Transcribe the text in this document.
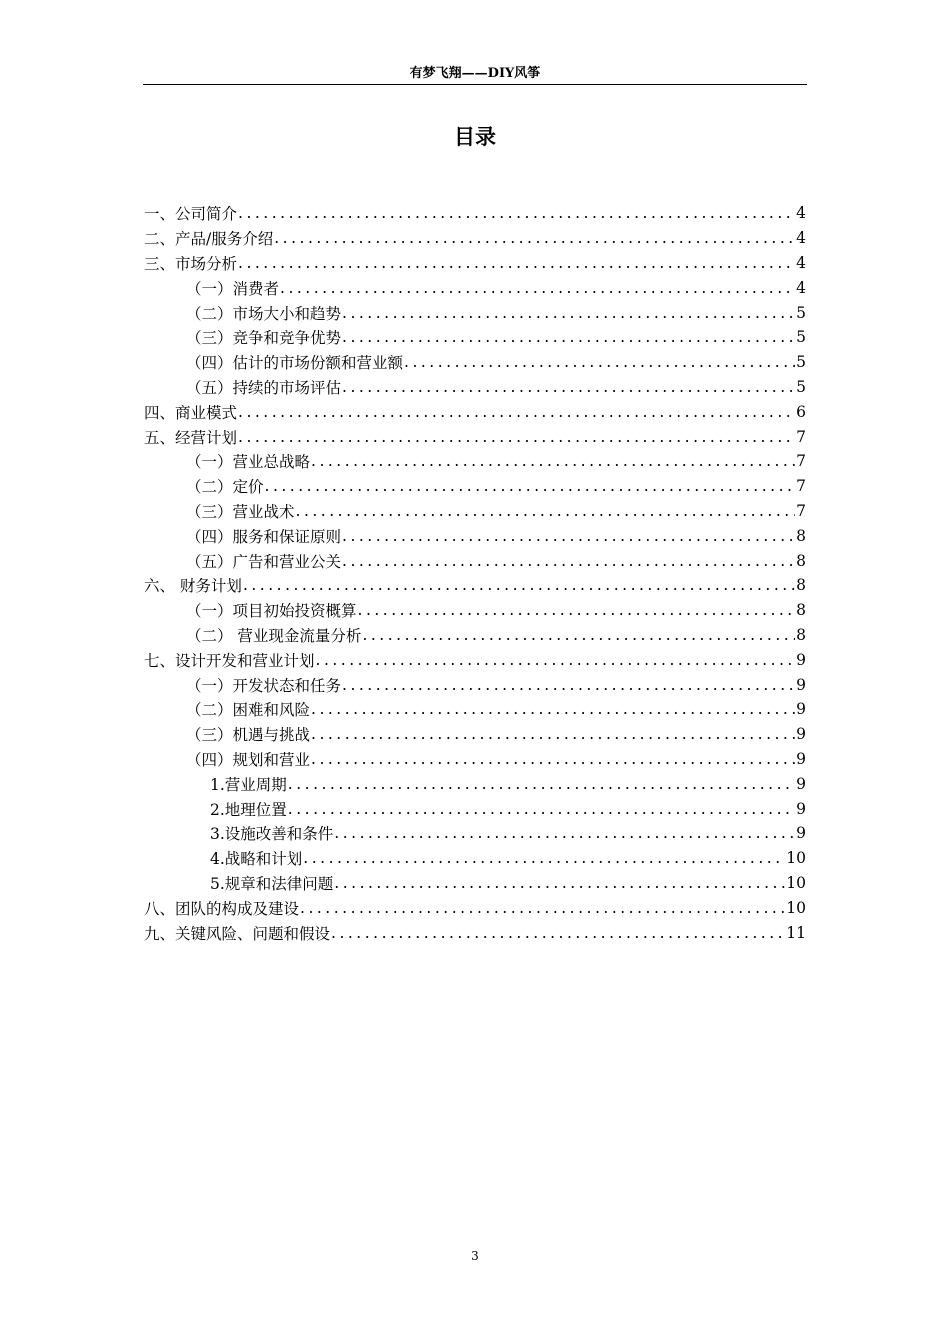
有梦飞翔——DIY风筝
目录
一、公司简介 .....	4
二、产品/服务介绍 .....	4
三、市场分析 .....	4
（一）消费者 .....	4
（二）市场大小和趋势 .....	5
（三）竞争和竞争优势 .....	5
（四）估计的市场份额和营业额 .....	5
（五）持续的市场评估 .....	5
四、商业模式 .....	6
五、经营计划 .....	7
（一）营业总战略 .....	7
（二）定价 .....	7
（三）营业战术 .....	7
（四）服务和保证原则 .....	8
（五）广告和营业公关 .....	8
六、 财务计划 .....	8
（一）项目初始投资概算 .....	8
（二） 营业现金流量分析 .....	8
七、设计开发和营业计划 .....	9
（一）开发状态和任务 .....	9
（二）困难和风险 .....	9
（三）机遇与挑战 .....	9
（四）规划和营业 .....	9
1.营业周期 .....	9
2.地理位置 .....	9
3.设施改善和条件 .....	9
4.战略和计划 .....	10
5.规章和法律问题 .....	10
八、团队的构成及建设 .....	10
九、关键风险、问题和假设 .....	11
3
